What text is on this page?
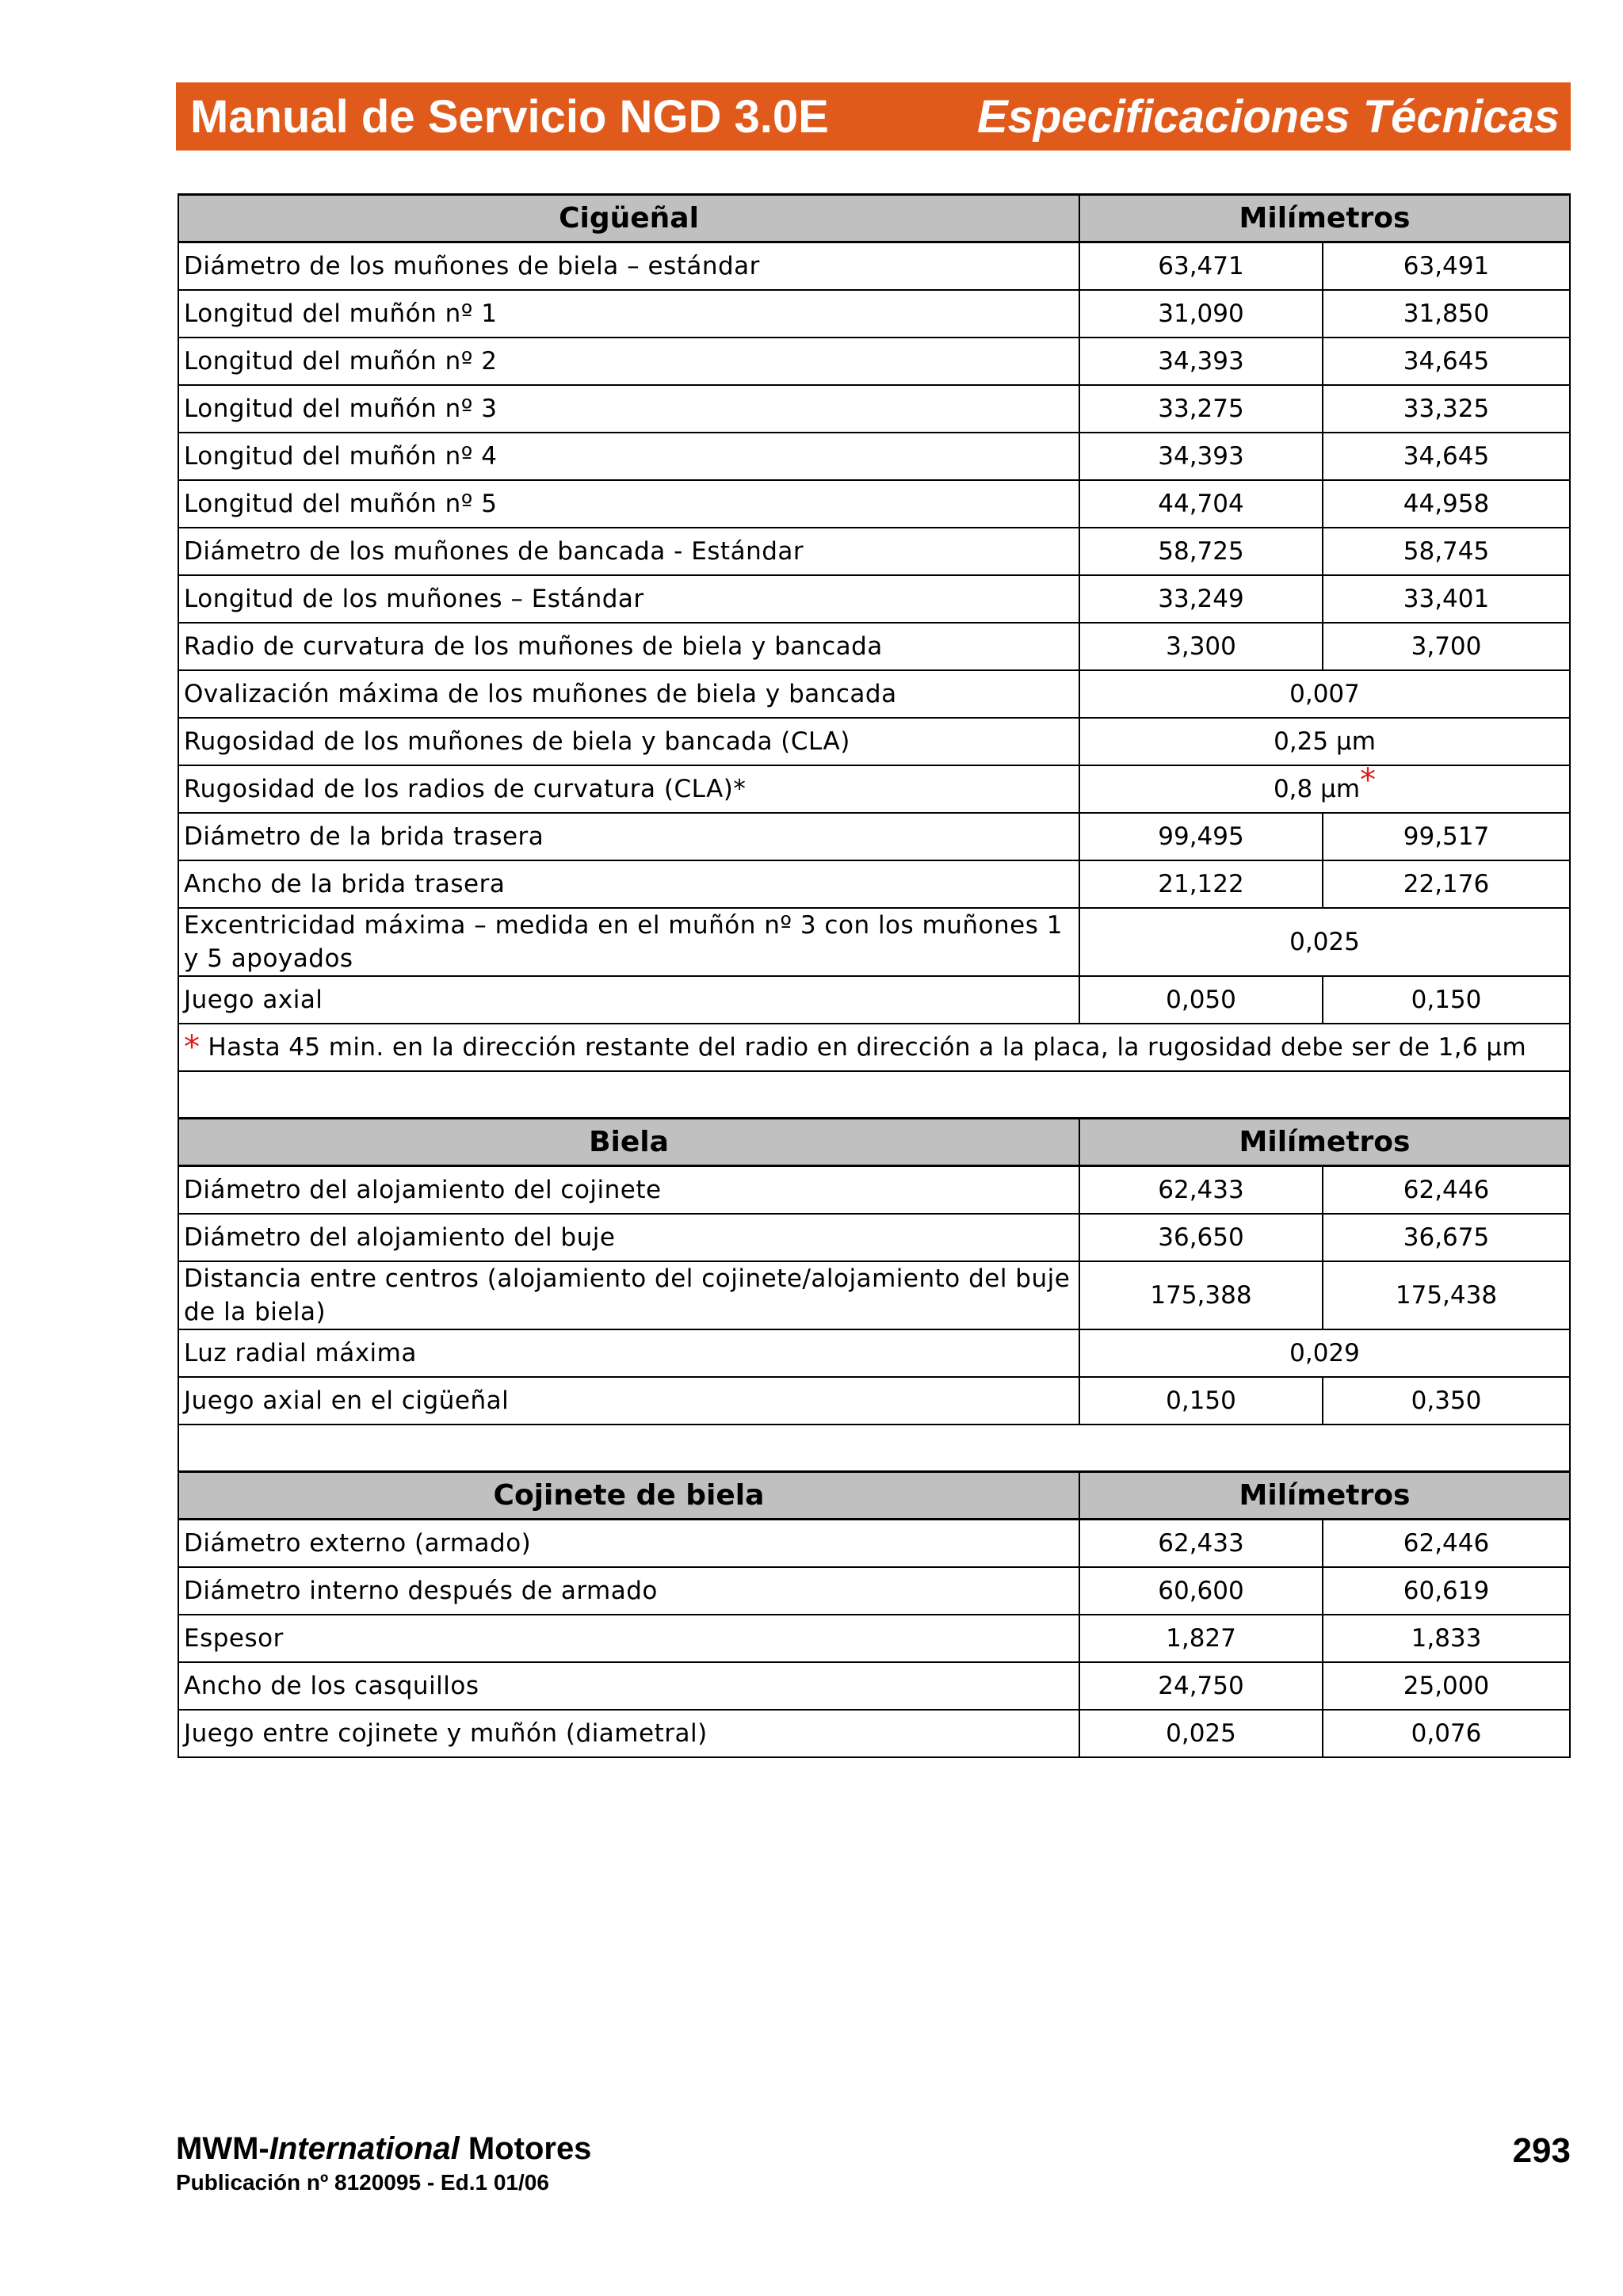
Manual de Servicio NGD 3.0E	Especificaciones Técnicas
Cigüeñal	Milímetros	
Diámetro de los muñones de biela – estándar	63,471	63,491
Longitud del muñón nº 1	31,090	31,850
Longitud del muñón nº 2	34,393	34,645
Longitud del muñón nº 3	33,275	33,325
Longitud del muñón nº 4	34,393	34,645
Longitud del muñón nº 5	44,704	44,958
Diámetro de los muñones de bancada - Estándar	58,725	58,745
Longitud de los muñones – Estándar	33,249	33,401
Radio de curvatura de los muñones de biela y bancada	3,300	3,700
Ovalización máxima de los muñones de biela y bancada	0,007	
Rugosidad de los muñones de biela y bancada (CLA)	0,25 µm	
Rugosidad de los radios de curvatura (CLA)*	0,8 µm*	
Diámetro de la brida trasera	99,495	99,517
Ancho de la brida trasera	21,122	22,176
Excentricidad máxima – medida en el muñón nº 3 con los muñones 1 y 5 apoyados	0,025	
Juego axial	0,050	0,150
* Hasta 45 min. en la dirección restante del radio en dirección a la placa, la rugosidad debe ser de 1,6 µm		

Biela	Milímetros	
Diámetro del alojamiento del cojinete	62,433	62,446
Diámetro del alojamiento del buje	36,650	36,675
Distancia entre centros (alojamiento del cojinete/alojamiento del buje de la biela)	175,388	175,438
Luz radial máxima	0,029	
Juego axial en el cigüeñal	0,150	0,350

Cojinete de biela	Milímetros	
Diámetro externo (armado)	62,433	62,446
Diámetro interno después de armado	60,600	60,619
Espesor	1,827	1,833
Ancho de los casquillos	24,750	25,000
Juego entre cojinete y muñón (diametral)	0,025	0,076
MWM-International Motores
Publicación nº 8120095 - Ed.1 01/06
293
